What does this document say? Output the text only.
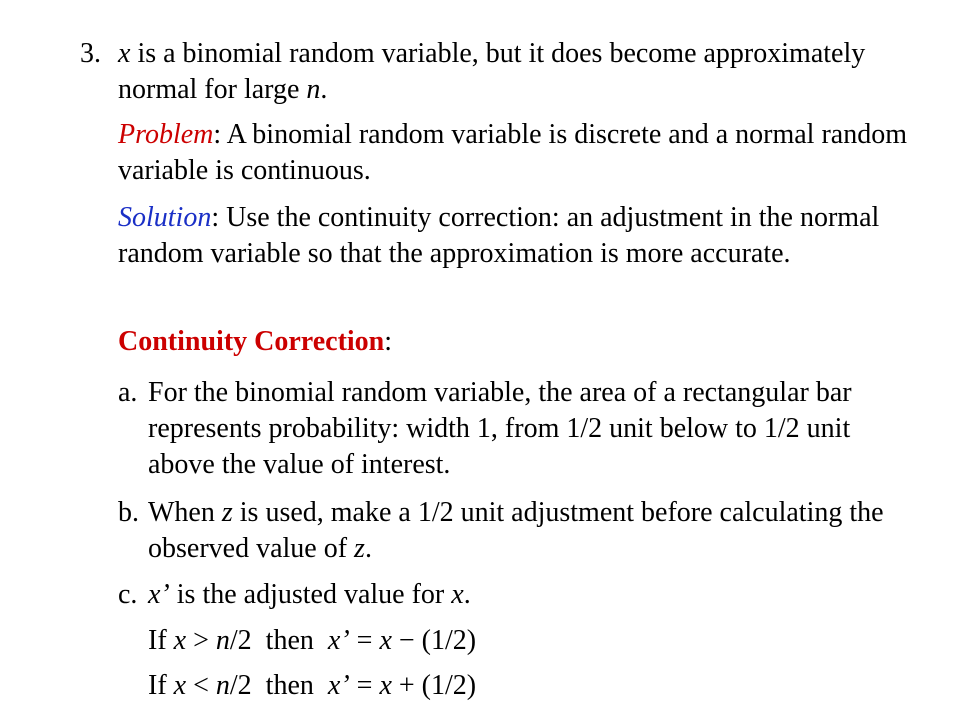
3. x is a binomial random variable, but it does become approximately normal for large n.
Problem: A binomial random variable is discrete and a normal random variable is continuous.
Solution: Use the continuity correction: an adjustment in the normal random variable so that the approximation is more accurate.
Continuity Correction:
a. For the binomial random variable, the area of a rectangular bar represents probability: width 1, from 1/2 unit below to 1/2 unit above the value of interest.
b. When z is used, make a 1/2 unit adjustment before calculating the observed value of z.
c. x’ is the adjusted value for x.
If x > n/2  then  x’ = x − (1/2)
If x < n/2  then  x’ = x + (1/2)
